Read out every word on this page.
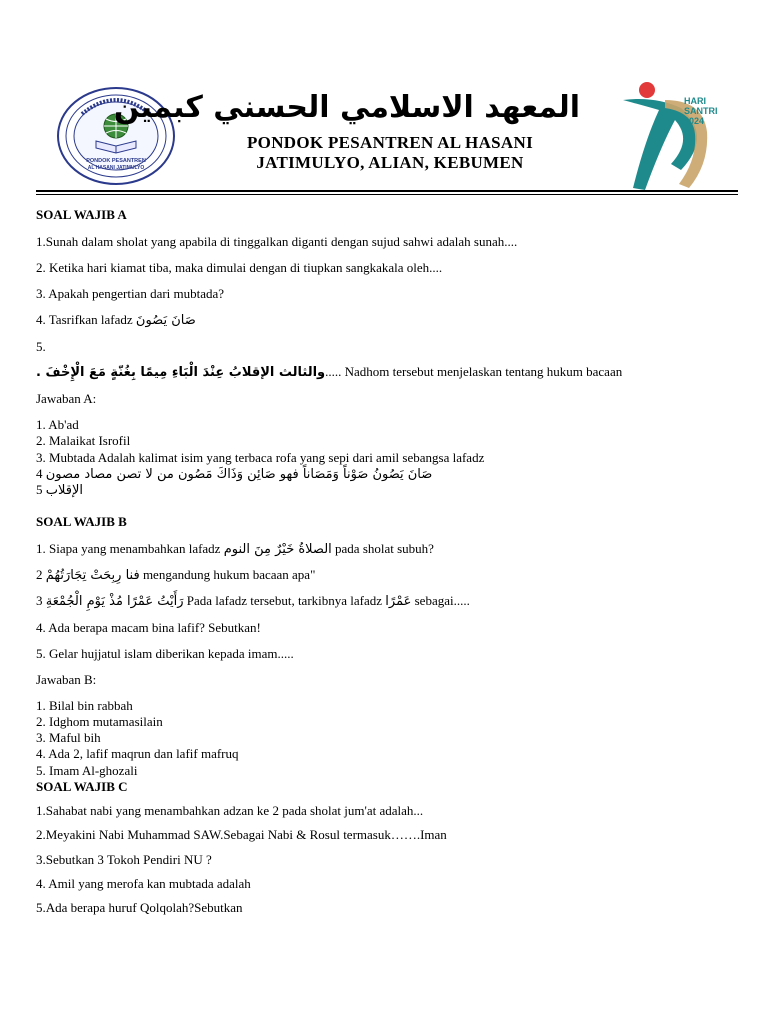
PONDOK PESANTREN
AL HASANI JATIMULYO
المعهد الاسلامي الحسني كبمين
PONDOK PESANTREN AL HASANI
JATIMULYO, ALIAN, KEBUMEN
HARI
SANTRI
2024
SOAL WAJIB A
1.Sunah dalam sholat yang apabila di tinggalkan diganti dengan sujud sahwi adalah sunah....
2. Ketika hari kiamat tiba, maka dimulai dengan di tiupkan sangkakala oleh....
3. Apakah pengertian dari mubtada?
4. Tasrifkan lafadz صَانَ يَصُونَ
5.
والثالث الإقلابُ عِنْدَ الْبَاءِ مِيمًا بِغُنّةٍ مَعَ الْإِخْفَ ...... Nadhom tersebut menjelaskan tentang hukum bacaan
Jawaban A:
1. Ab'ad
2. Malaikat Isrofil
3. Mubtada Adalah kalimat isim yang terbaca rofa yang sepi dari amil sebangsa lafadz
4 صَانَ يَصُونُ صَوْناً وَمَصَاناً فهو صَائِن وَذَاكَ مَصُون من لا تصن مصاد مصون
5 الإقلاب
SOAL WAJIB B
1. Siapa yang menambahkan lafadz الصلاةُ خَيْرٌ مِنَ النوم pada sholat subuh?
2 فنا رِبِحَتْ تِجَارَتُهُمْ mengandung hukum bacaan apa"
3 رَأَيْتُ عَمْرًا مُذْ يَوْمِ الْجُمْعَةِ Pada lafadz tersebut, tarkibnya lafadz عَمْرًا sebagai.....
4. Ada berapa macam bina lafif? Sebutkan!
5. Gelar hujjatul islam diberikan kepada imam.....
Jawaban B:
1. Bilal bin rabbah
2. Idghom mutamasilain
3. Maful bih
4. Ada 2, lafif maqrun dan lafif mafruq
5. Imam Al-ghozali
SOAL WAJIB C
1.Sahabat nabi yang menambahkan adzan ke 2 pada sholat jum'at adalah...
2.Meyakini Nabi Muhammad SAW.Sebagai Nabi & Rosul termasuk…….Iman
3.Sebutkan 3 Tokoh Pendiri NU ?
4. Amil yang merofa kan mubtada adalah
5.Ada berapa huruf Qolqolah?Sebutkan
